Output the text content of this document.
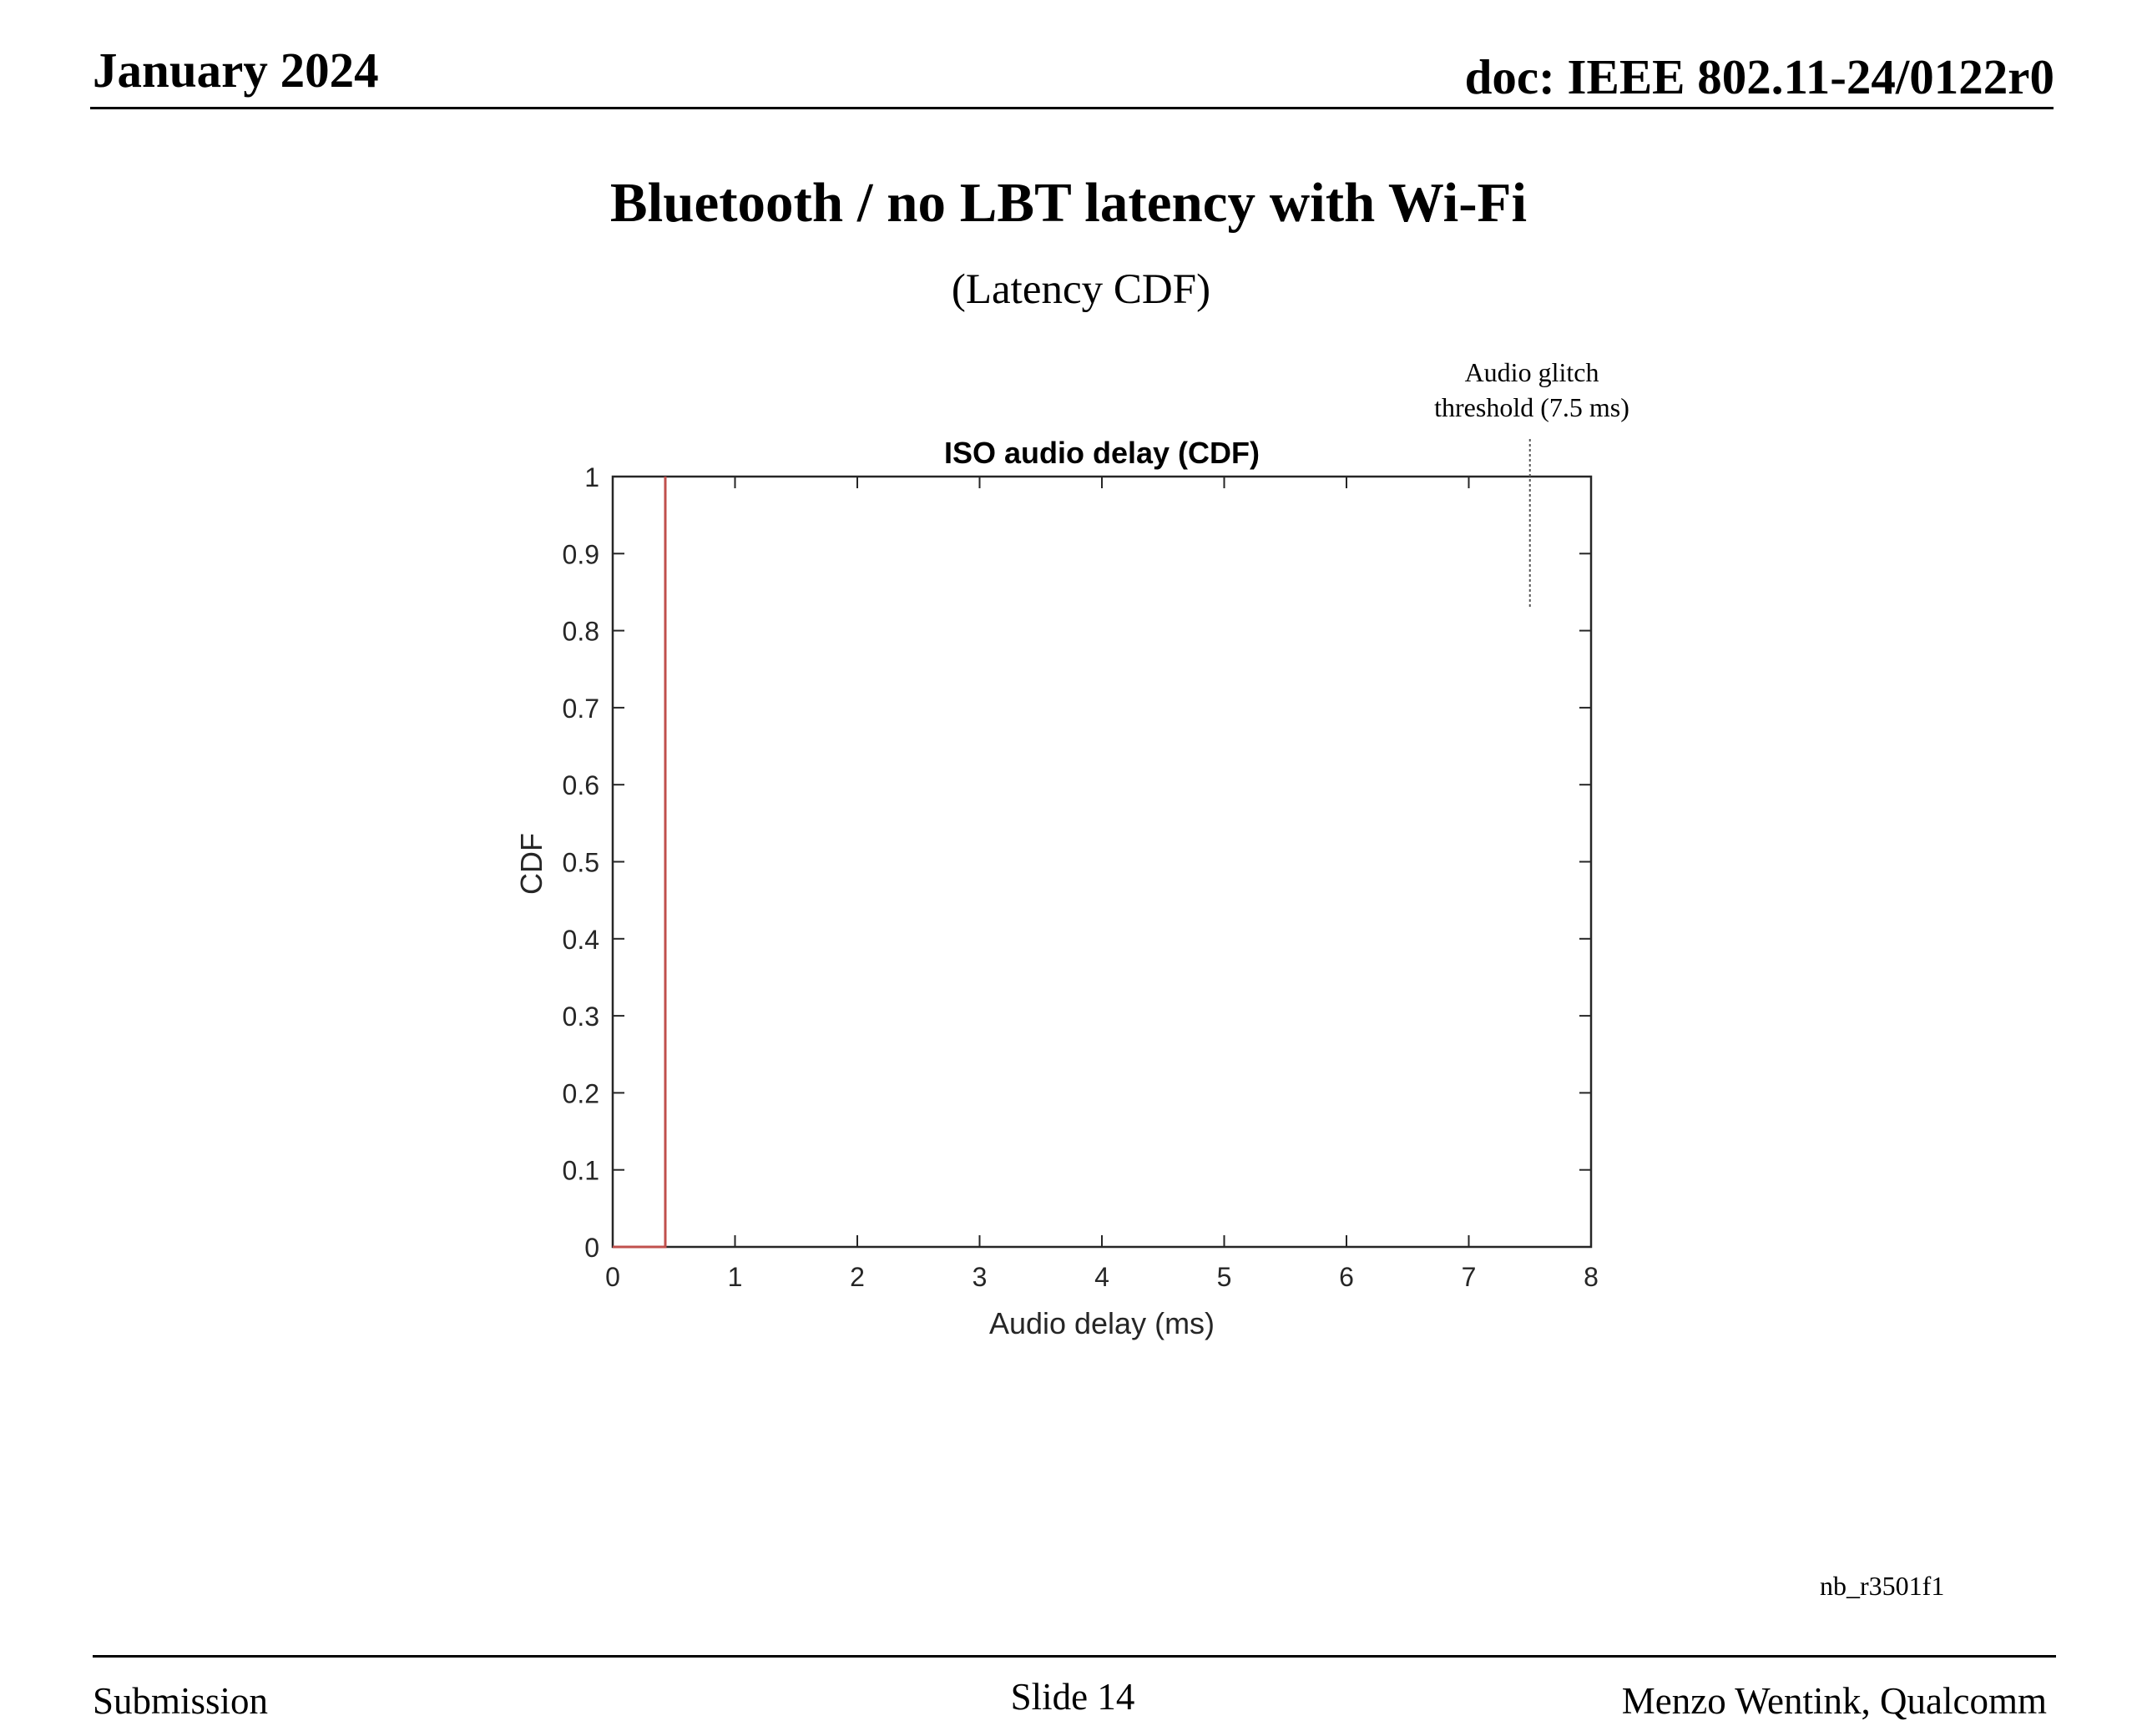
January 2024	doc: IEEE 802.11-24/0122r0
Bluetooth / no LBT latency with Wi-Fi
(Latency CDF)
Audio glitch
threshold (7.5 ms)
ISO audio delay (CDF)
0
0.1
0.2
0.3
0.4
0.5
0.6
0.7
0.8
0.9
1
0	1	2	3	4	5	6	7	8
Audio delay (ms)
CDF
nb_r3501f1
Submission	Slide 14	Menzo Wentink, Qualcomm
